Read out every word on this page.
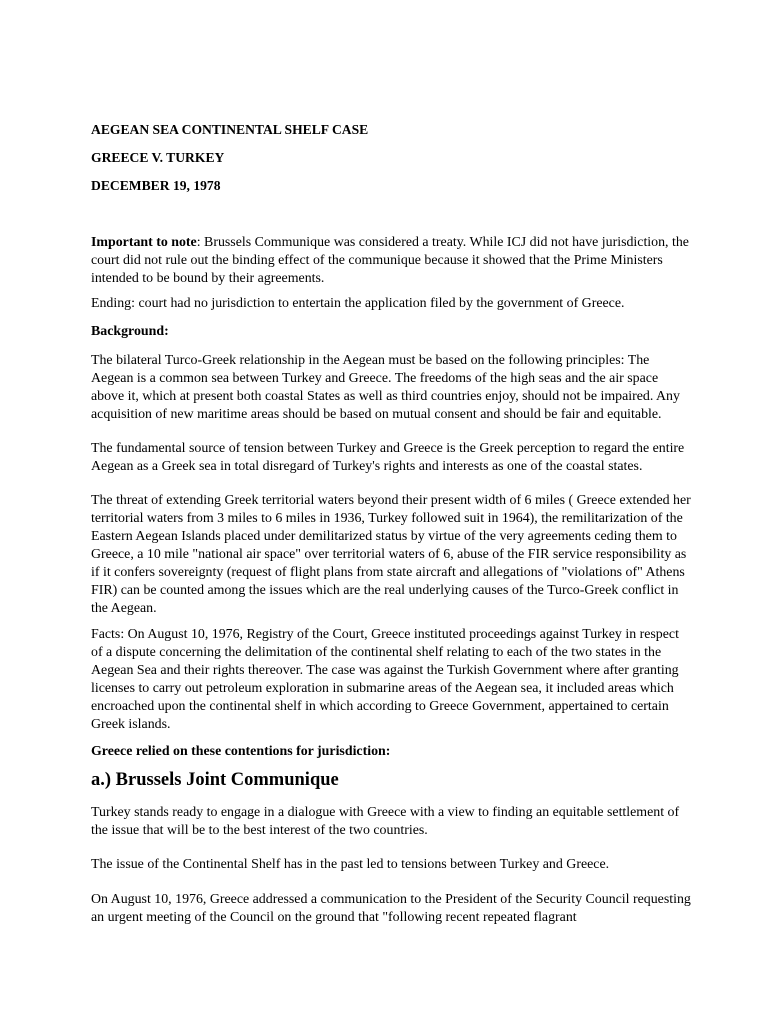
AEGEAN SEA CONTINENTAL SHELF CASE
GREECE V. TURKEY
DECEMBER 19, 1978

Important to note: Brussels Communique was considered a treaty. While ICJ did not have jurisdiction, the court did not rule out the binding effect of the communique because it showed that the Prime Ministers intended to be bound by their agreements.

Ending: court had no jurisdiction to entertain the application filed by the government of Greece.

Background:

The bilateral Turco-Greek relationship in the Aegean must be based on the following principles: The Aegean is a common sea between Turkey and Greece. The freedoms of the high seas and the air space above it, which at present both coastal States as well as third countries enjoy, should not be impaired. Any acquisition of new maritime areas should be based on mutual consent and should be fair and equitable.

The fundamental source of tension between Turkey and Greece is the Greek perception to regard the entire Aegean as a Greek sea in total disregard of Turkey's rights and interests as one of the coastal states.

The threat of extending Greek territorial waters beyond their present width of 6 miles ( Greece extended her territorial waters from 3 miles to 6 miles in 1936, Turkey followed suit in 1964), the remilitarization of the Eastern Aegean Islands placed under demilitarized status by virtue of the very agreements ceding them to Greece, a 10 mile "national air space" over territorial waters of 6, abuse of the FIR service responsibility as if it confers sovereignty (request of flight plans from state aircraft and allegations of "violations of" Athens FIR) can be counted among the issues which are the real underlying causes of the Turco-Greek conflict in the Aegean.

Facts: On August 10, 1976, Registry of the Court, Greece instituted proceedings against Turkey in respect of a dispute concerning the delimitation of the continental shelf relating to each of the two states in the Aegean Sea and their rights thereover. The case was against the Turkish Government where after granting licenses to carry out petroleum exploration in submarine areas of the Aegean sea, it included areas which encroached upon the continental shelf in which according to Greece Government, appertained to certain Greek islands.

Greece relied on these contentions for jurisdiction:

a.) Brussels Joint Communique

Turkey stands ready to engage in a dialogue with Greece with a view to finding an equitable settlement of the issue that will be to the best interest of the two countries.

The issue of the Continental Shelf has in the past led to tensions between Turkey and Greece.

On August 10, 1976, Greece addressed a communication to the President of the Security Council requesting an urgent meeting of the Council on the ground that "following recent repeated flagrant
